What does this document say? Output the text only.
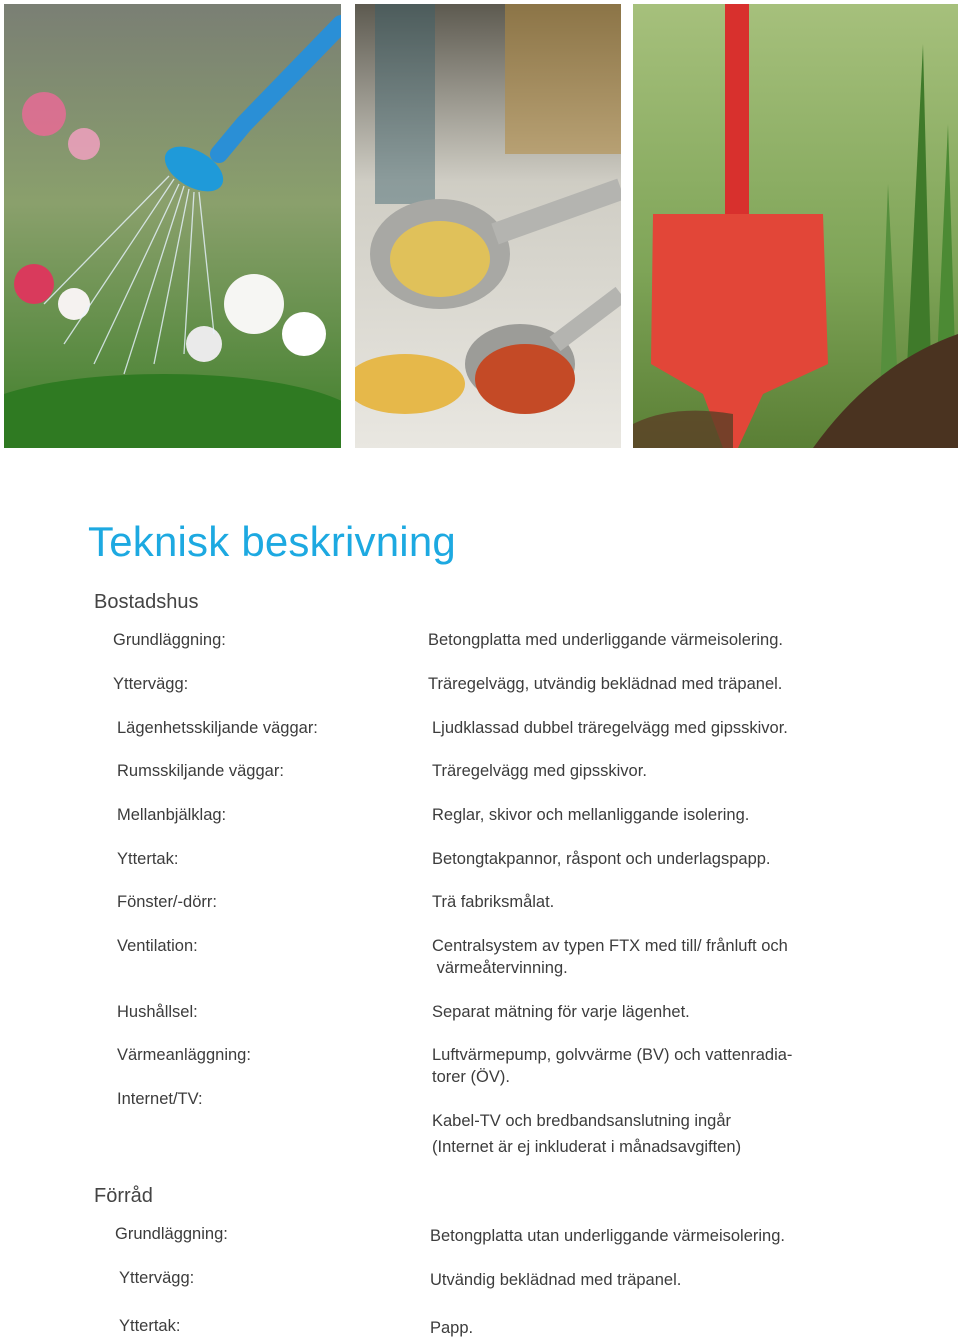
Teknisk beskrivning
Bostadshus
Grundläggning:	Betongplatta med underliggande värmeisolering.
Yttervägg:	Träregelvägg, utvändig beklädnad med träpanel.
Lägenhetsskiljande väggar:	Ljudklassad dubbel träregelvägg med gipsskivor.
Rumsskiljande väggar:	Träregelvägg med gipsskivor.
Mellanbjälklag:	Reglar, skivor och mellanliggande isolering.
Yttertak:	Betongtakpannor, råspont och underlagspapp.
Fönster/-dörr:	Trä fabriksmålat.
Ventilation:	Centralsystem av typen FTX med till/ frånluft och
värmeåtervinning.
Hushållsel:	Separat mätning för varje lägenhet.
Värmeanläggning:	Luftvärmepump, golvvärme (BV) och vattenradia-
torer (ÖV).
Internet/TV:
Kabel-TV och bredbandsanslutning ingår
(Internet är ej inkluderat i månadsavgiften)
Förråd
Grundläggning:	Betongplatta utan underliggande värmeisolering.
Yttervägg:	Utvändig beklädnad med träpanel.
Yttertak:	Papp.
